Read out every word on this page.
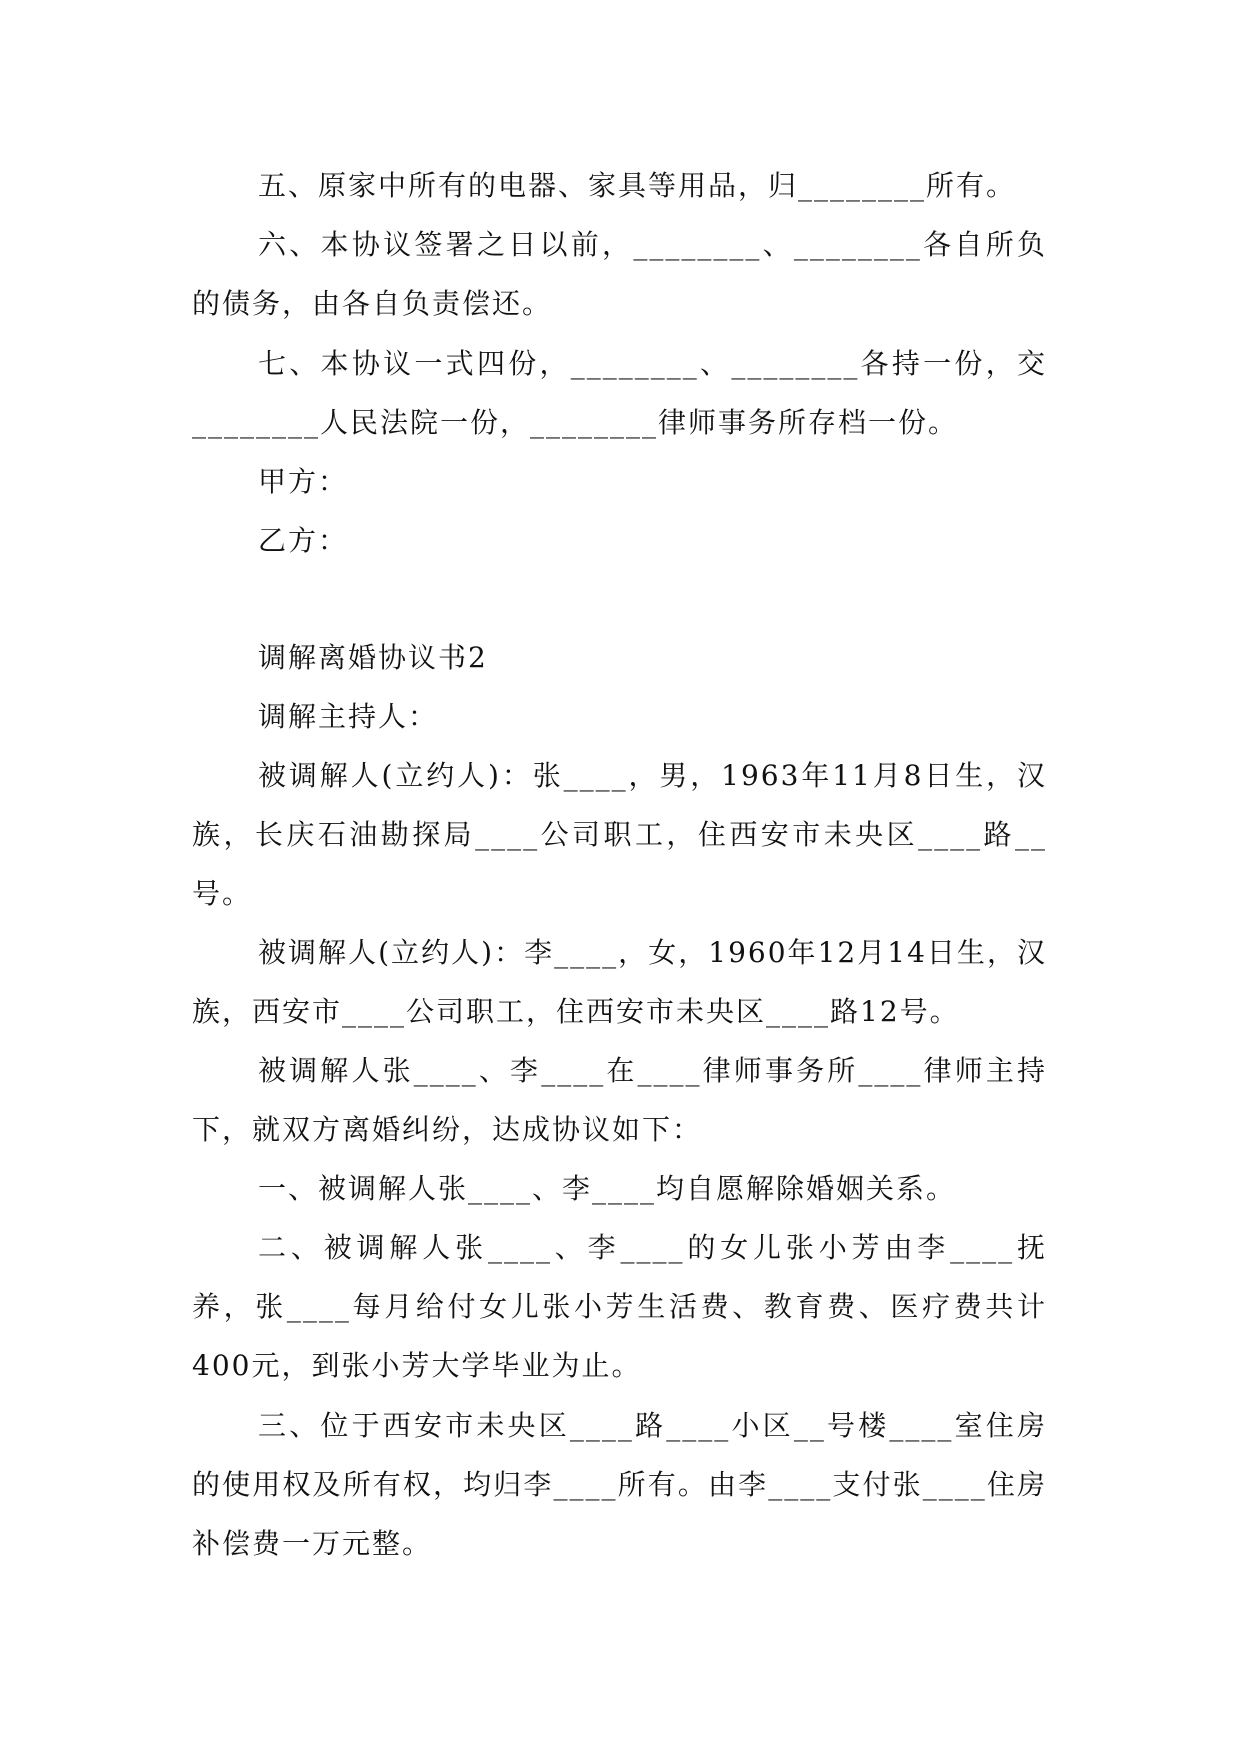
五、原家中所有的电器、家具等用品，归________所有。

六、本协议签署之日以前，________、________各自所负的债务，由各自负责偿还。

七、本协议一式四份，________、________各持一份，交________人民法院一份，________律师事务所存档一份。

甲方：

乙方：

调解离婚协议书2

调解主持人：

被调解人(立约人)：张____，男，1963年11月8日生，汉族，长庆石油勘探局____公司职工，住西安市未央区____路__号。

被调解人(立约人)：李____，女，1960年12月14日生，汉族，西安市____公司职工，住西安市未央区____路12号。

被调解人张____、李____在____律师事务所____律师主持下，就双方离婚纠纷，达成协议如下：

一、被调解人张____、李____均自愿解除婚姻关系。

二、被调解人张____、李____的女儿张小芳由李____抚养，张____每月给付女儿张小芳生活费、教育费、医疗费共计400元，到张小芳大学毕业为止。

三、位于西安市未央区____路____小区__号楼____室住房的使用权及所有权，均归李____所有。由李____支付张____住房补偿费一万元整。
